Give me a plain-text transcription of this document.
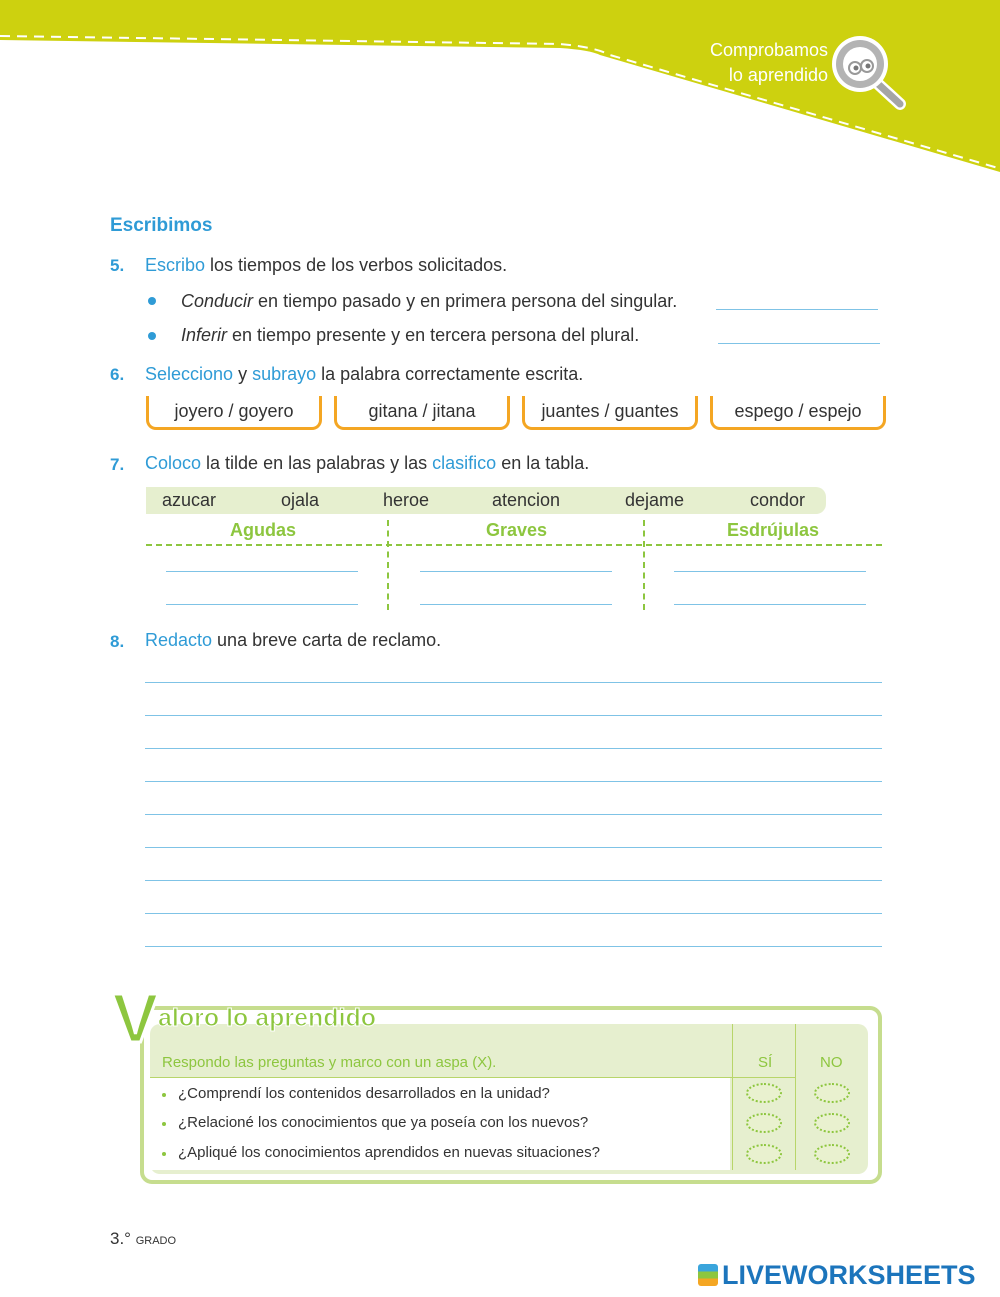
Comprobamos
lo aprendido
Escribimos
5. Escribo los tiempos de los verbos solicitados.
Conducir en tiempo pasado y en primera persona del singular.
Inferir en tiempo presente y en tercera persona del plural.
6. Selecciono y subrayo la palabra correctamente escrita.
joyero / goyero	gitana / jitana	juantes / guantes	espego / espejo
7. Coloco la tilde en las palabras y las clasifico en la tabla.
azucar	ojala	heroe	atencion	dejame	condor
Agudas	Graves	Esdrújulas
8. Redacto una breve carta de reclamo.
V aloro lo aprendido
Respondo las preguntas y marco con un aspa (X).	SÍ	NO
¿Comprendí los contenidos desarrollados en la unidad?
¿Relacioné los conocimientos que ya poseía con los nuevos?
¿Apliqué los conocimientos aprendidos en nuevas situaciones?
3.° GRADO
LIVEWORKSHEETS
